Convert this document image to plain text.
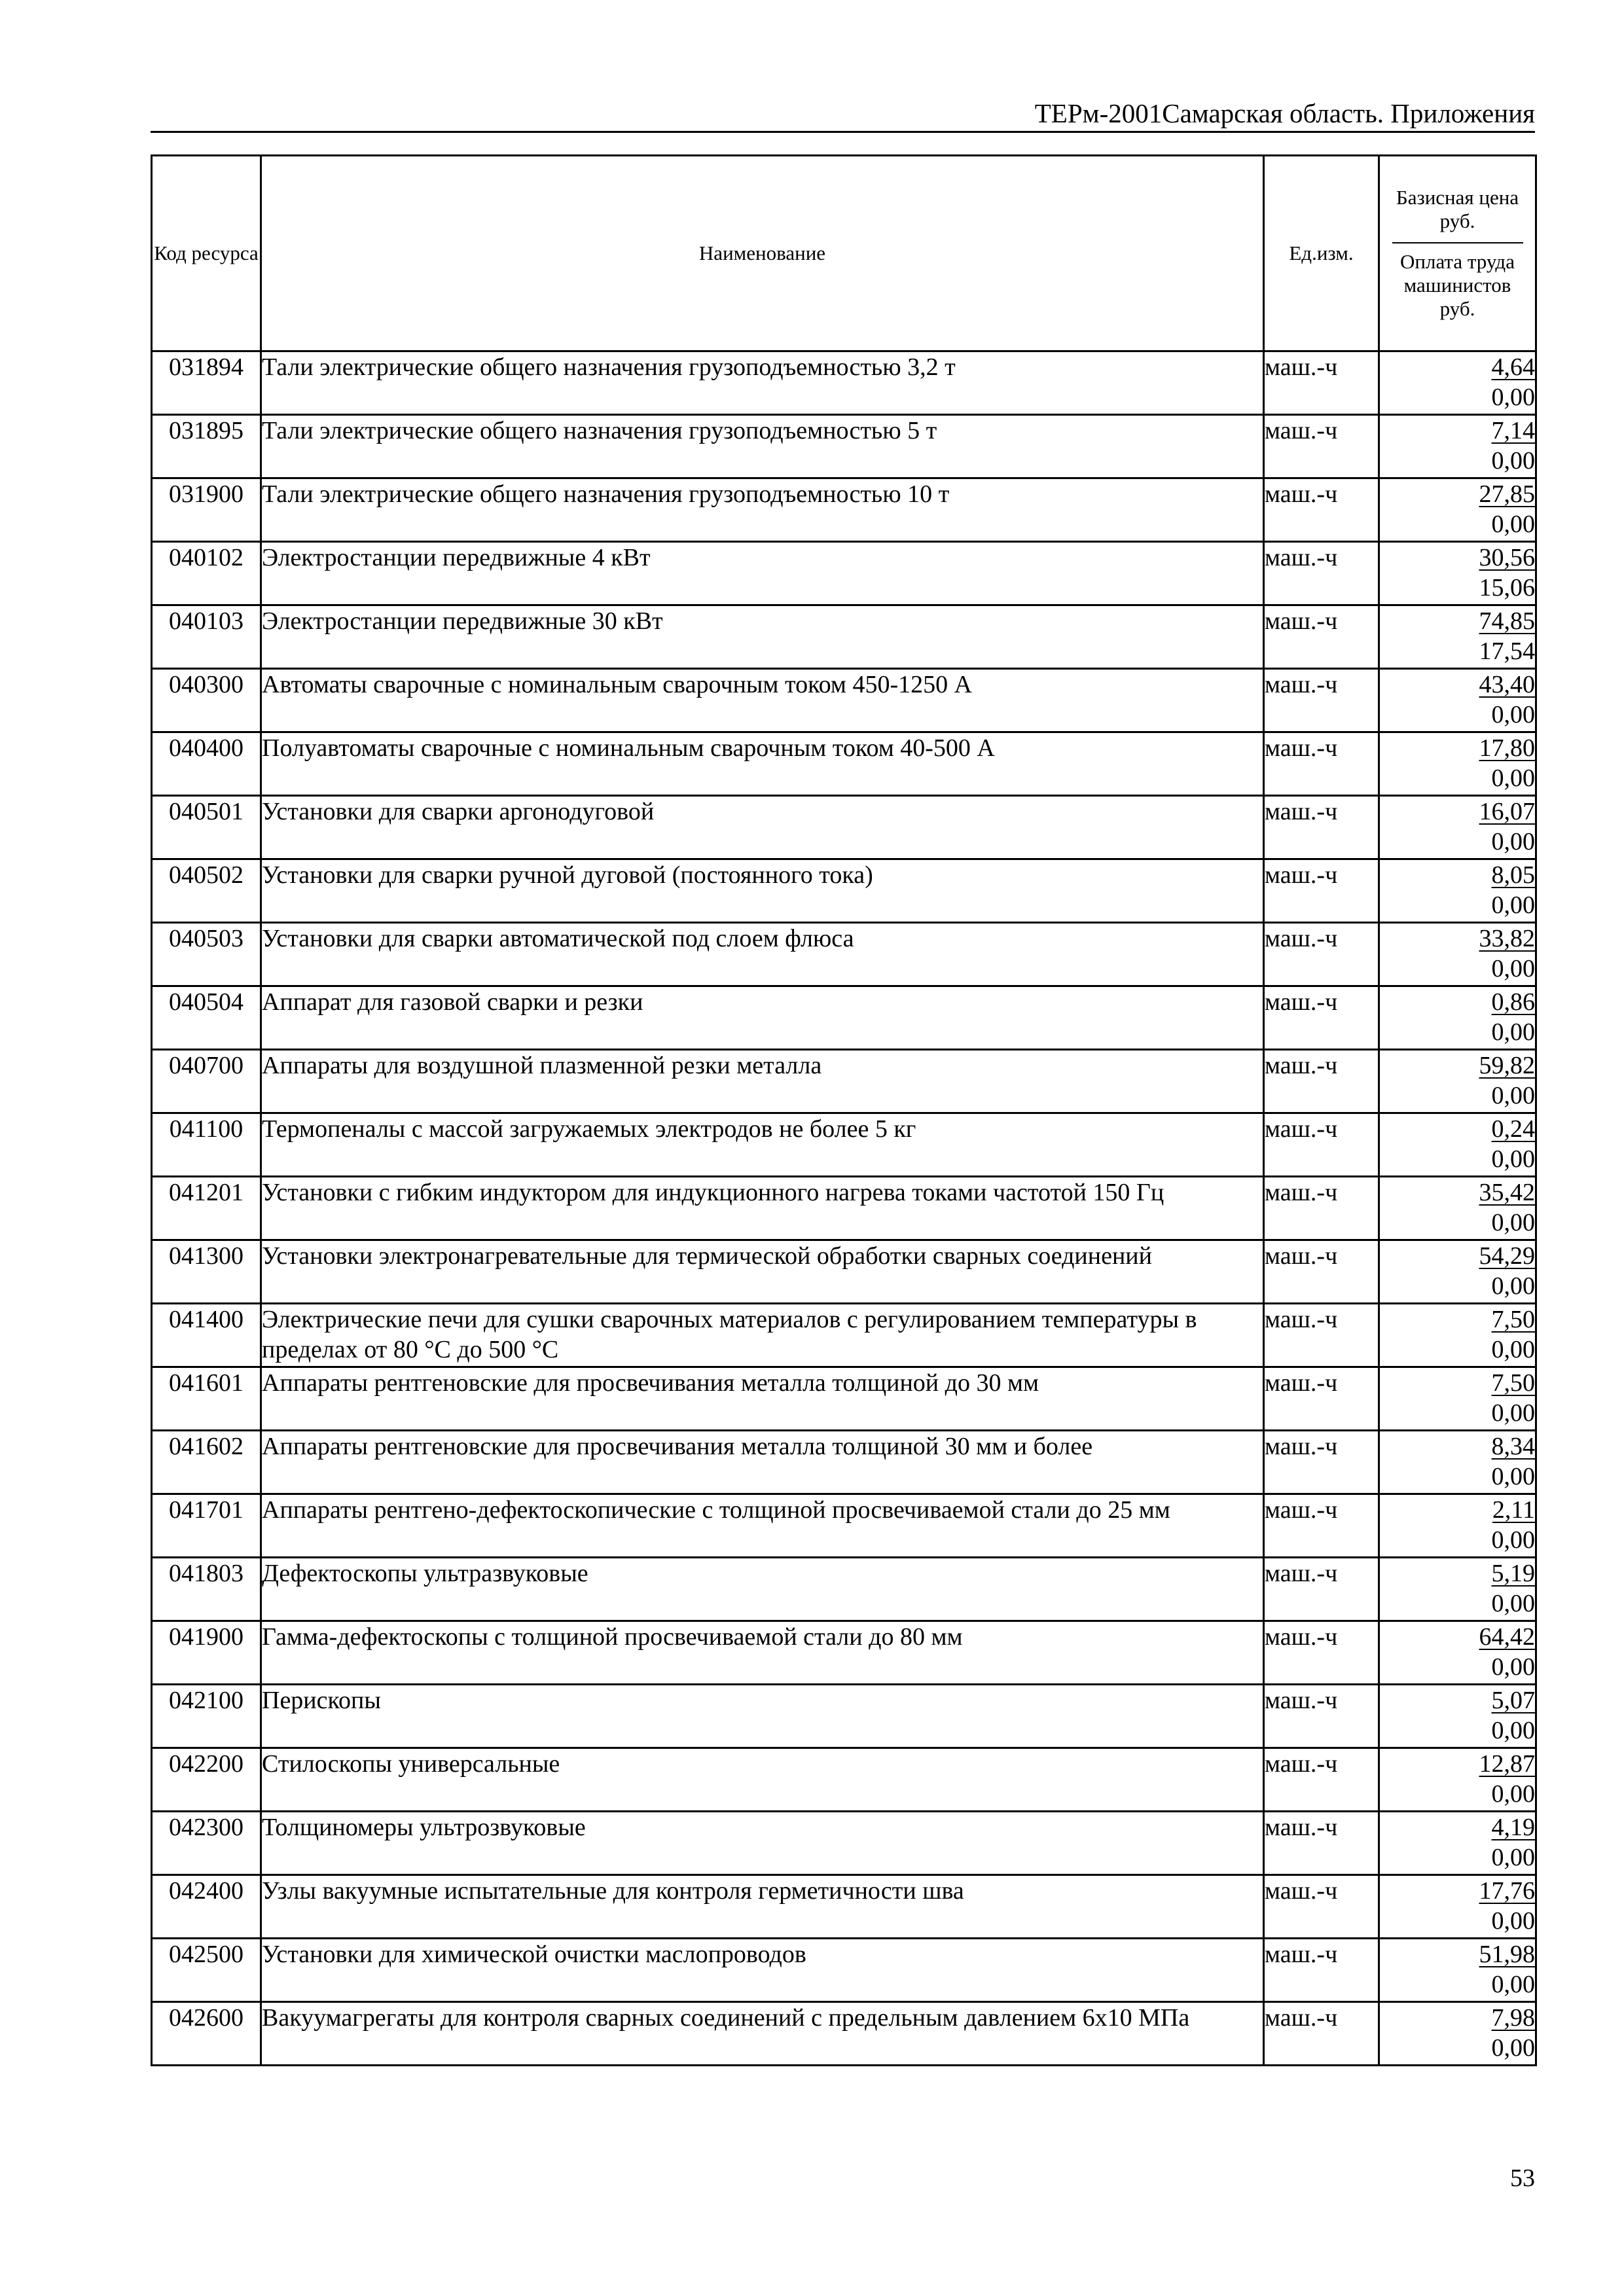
ТЕРм-2001Самарская область. Приложения
Код ресурса	Наименование	Ед.изм.	Базисная цена руб.
Оплата труда машинистов руб.

031894	Тали электрические общего назначения грузоподъемностью 3,2 т	маш.-ч	4,64
0,00

031895	Тали электрические общего назначения грузоподъемностью 5 т	маш.-ч	7,14
0,00

031900	Тали электрические общего назначения грузоподъемностью 10 т	маш.-ч	27,85
0,00

040102	Электростанции передвижные 4 кВт	маш.-ч	30,56
15,06

040103	Электростанции передвижные 30 кВт	маш.-ч	74,85
17,54

040300	Автоматы сварочные с номинальным сварочным током 450-1250 А	маш.-ч	43,40
0,00

040400	Полуавтоматы сварочные с номинальным сварочным током 40-500 А	маш.-ч	17,80
0,00

040501	Установки для сварки аргонодуговой	маш.-ч	16,07
0,00

040502	Установки для сварки ручной дуговой (постоянного тока)	маш.-ч	8,05
0,00

040503	Установки для сварки автоматической под слоем флюса	маш.-ч	33,82
0,00

040504	Аппарат для газовой сварки и резки	маш.-ч	0,86
0,00

040700	Аппараты для воздушной плазменной резки металла	маш.-ч	59,82
0,00

041100	Термопеналы с массой загружаемых электродов не более 5 кг	маш.-ч	0,24
0,00

041201	Установки с гибким индуктором для индукционного нагрева токами частотой 150 Гц	маш.-ч	35,42
0,00

041300	Установки электронагревательные для термической обработки сварных соединений	маш.-ч	54,29
0,00

041400	Электрические печи для сушки сварочных материалов с регулированием температуры в пределах от 80 °С до 500 °С	маш.-ч	7,50
0,00

041601	Аппараты рентгеновские для просвечивания металла толщиной до 30 мм	маш.-ч	7,50
0,00

041602	Аппараты рентгеновские для просвечивания металла толщиной 30 мм и более	маш.-ч	8,34
0,00

041701	Аппараты рентгено-дефектоскопические с толщиной просвечиваемой стали до 25 мм	маш.-ч	2,11
0,00

041803	Дефектоскопы ультразвуковые	маш.-ч	5,19
0,00

041900	Гамма-дефектоскопы с толщиной просвечиваемой стали до 80 мм	маш.-ч	64,42
0,00

042100	Перископы	маш.-ч	5,07
0,00

042200	Стилоскопы универсальные	маш.-ч	12,87
0,00

042300	Толщиномеры ультрозвуковые	маш.-ч	4,19
0,00

042400	Узлы вакуумные испытательные для контроля герметичности шва	маш.-ч	17,76
0,00

042500	Установки для химической очистки маслопроводов	маш.-ч	51,98
0,00

042600	Вакуумагрегаты для контроля сварных соединений с предельным давлением 6х10 МПа	маш.-ч	7,98
0,00
53
